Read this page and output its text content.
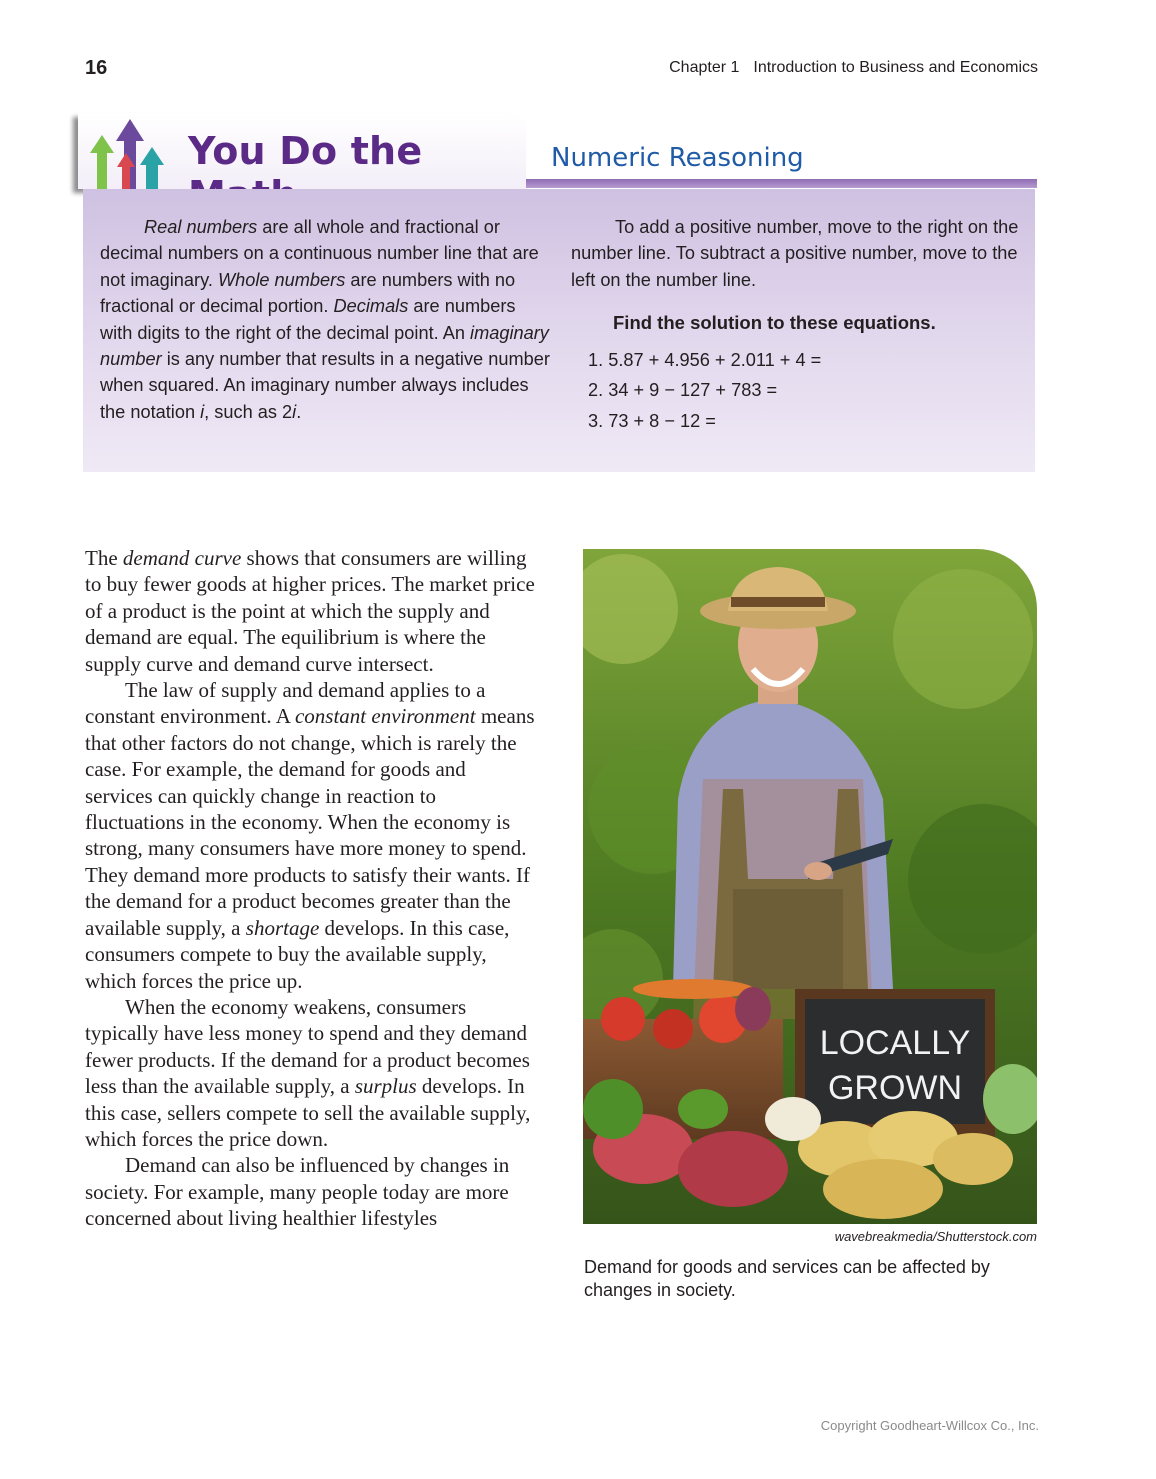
16	Chapter 1 Introduction to Business and Economics
You Do the	Numeric Reasoning

Real numbers are all whole and fractional or decimal numbers on a continuous number line that are not imaginary. Whole numbers are numbers with no fractional or decimal portion. Decimals are numbers with digits to the right of the decimal point. An imaginary number is any number that results in a negative number when squared. An imaginary number always includes the notation i, such as 2i.

To add a positive number, move to the right on the number line. To subtract a positive number, move to the left on the number line.

Find the solution to these equations.

1. 5.87 + 4.956 + 2.011 + 4 =
2. 34 + 9 − 127 + 783 =
3. 73 + 8 − 12 =

The demand curve shows that consumers are willing to buy fewer goods at higher prices. The market price of a product is the point at which the supply and demand are equal. The equilibrium is where the supply curve and demand curve intersect.

The law of supply and demand applies to a constant environment. A constant environment means that other factors do not change, which is rarely the case. For example, the demand for goods and services can quickly change in reaction to fluctuations in the economy. When the economy is strong, many consumers have more money to spend. They demand more products to satisfy their wants. If the demand for a product becomes greater than the available supply, a shortage develops. In this case, consumers compete to buy the available supply, which forces the price up.

When the economy weakens, consumers typically have less money to spend and they demand fewer products. If the demand for a product becomes less than the available supply, a surplus develops. In this case, sellers compete to sell the available supply, which forces the price down.

Demand can also be influenced by changes in society. For example, many people today are more concerned about living healthier lifestyles

LOCALLY
GROWN
wavebreakmedia/Shutterstock.com
Demand for goods and services can be affected by changes in society.
Copyright Goodheart-Willcox Co., Inc.
